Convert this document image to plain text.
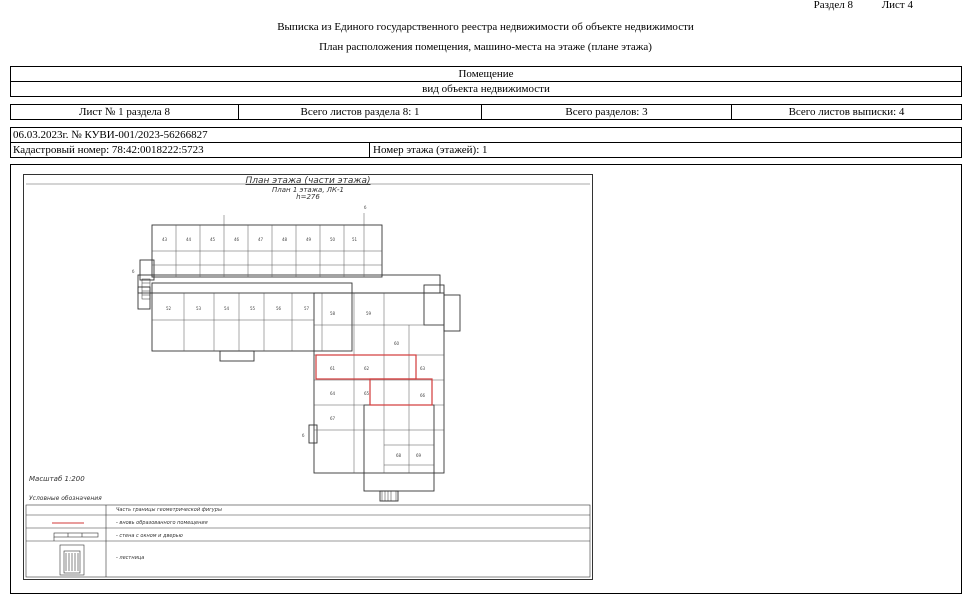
Раздел 8	Лист 4
Выписка из Единого государственного реестра недвижимости об объекте недвижимости
План расположения помещения, машино-места на этаже (плане этажа)
Помещение
вид объекта недвижимости
Лист № 1 раздела 8	Всего листов раздела 8: 1	Всего разделов: 3	Всего листов выписки: 4
06.03.2023г. № КУВИ-001/2023-56266827
Кадастровый номер: 78:42:0018222:5723	Номер этажа (этажей): 1
План этажа (части этажа)
План 1 этажа, ЛК-1
h=276
43	44	45	46	47	48	49	50	51
52	53	54	55	56	57
58	59
60
61	62	63
64	65	66
67
68	69
б
б
б
Масштаб 1:200
Условные обозначения
Часть границы геометрической фигуры
- вновь образованного помещения
- стена с окном и дверью
- лестница
